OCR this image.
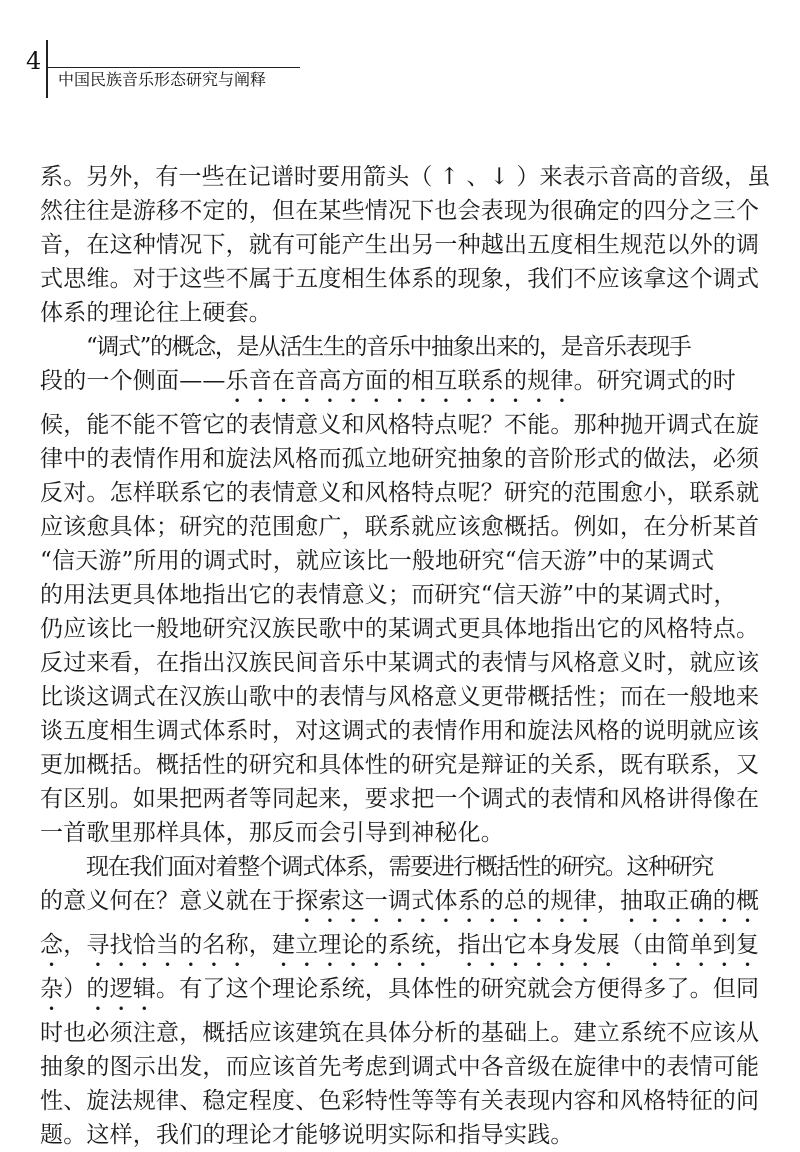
4
中国民族音乐形态研究与阐释
系。另外，有一些在记谱时要用箭头（ ↑ 、↓ ）来表示音高的音级，虽
然往往是游移不定的，但在某些情况下也会表现为很确定的四分之三个
音，在这种情况下，就有可能产生出另一种越出五度相生规范以外的调
式思维。对于这些不属于五度相生体系的现象，我们不应该拿这个调式
体系的理论往上硬套。
“调式”的概念，是从活生生的音乐中抽象出来的，是音乐表现手
段的一个侧面——乐音在音高方面的相互联系的规律。研究调式的时
候，能不能不管它的表情意义和风格特点呢？不能。那种抛开调式在旋
律中的表情作用和旋法风格而孤立地研究抽象的音阶形式的做法，必须
反对。怎样联系它的表情意义和风格特点呢？研究的范围愈小，联系就
应该愈具体；研究的范围愈广，联系就应该愈概括。例如，在分析某首
“信天游”所用的调式时，就应该比一般地研究“信天游”中的某调式
的用法更具体地指出它的表情意义；而研究“信天游”中的某调式时，
仍应该比一般地研究汉族民歌中的某调式更具体地指出它的风格特点。
反过来看，在指出汉族民间音乐中某调式的表情与风格意义时，就应该
比谈这调式在汉族山歌中的表情与风格意义更带概括性；而在一般地来
谈五度相生调式体系时，对这调式的表情作用和旋法风格的说明就应该
更加概括。概括性的研究和具体性的研究是辩证的关系，既有联系，又
有区别。如果把两者等同起来，要求把一个调式的表情和风格讲得像在
一首歌里那样具体，那反而会引导到神秘化。
现在我们面对着整个调式体系，需要进行概括性的研究。这种研究
的意义何在？意义就在于探索这一调式体系的总的规律，抽取正确的概
念，寻找恰当的名称，建立理论的系统，指出它本身发展（由简单到复
杂）的逻辑。有了这个理论系统，具体性的研究就会方便得多了。但同
时也必须注意，概括应该建筑在具体分析的基础上。建立系统不应该从
抽象的图示出发，而应该首先考虑到调式中各音级在旋律中的表情可能
性、旋法规律、稳定程度、色彩特性等等有关表现内容和风格特征的问
题。这样，我们的理论才能够说明实际和指导实践。
